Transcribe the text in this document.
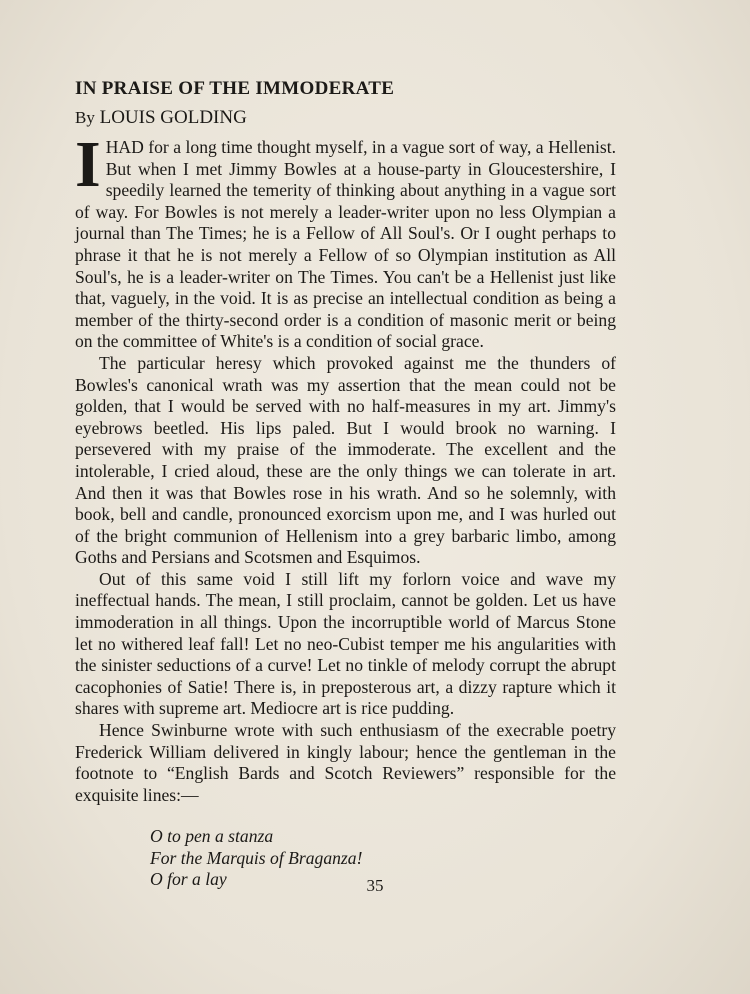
IN PRAISE OF THE IMMODERATE
By LOUIS GOLDING

I HAD for a long time thought myself, in a vague sort of way, a Hellenist. But when I met Jimmy Bowles at a house-party in Gloucestershire, I speedily learned the temerity of thinking about anything in a vague sort of way. For Bowles is not merely a leader-writer upon no less Olympian a journal than The Times; he is a Fellow of All Soul's. Or I ought perhaps to phrase it that he is not merely a Fellow of so Olympian institution as All Soul's, he is a leader-writer on The Times. You can't be a Hellenist just like that, vaguely, in the void. It is as precise an intellectual condition as being a member of the thirty-second order is a condition of masonic merit or being on the committee of White's is a condition of social grace.

The particular heresy which provoked against me the thunders of Bowles's canonical wrath was my assertion that the mean could not be golden, that I would be served with no half-measures in my art. Jimmy's eyebrows beetled. His lips paled. But I would brook no warning. I persevered with my praise of the immoderate. The excellent and the intolerable, I cried aloud, these are the only things we can tolerate in art. And then it was that Bowles rose in his wrath. And so he solemnly, with book, bell and candle, pronounced exorcism upon me, and I was hurled out of the bright communion of Hellenism into a grey barbaric limbo, among Goths and Persians and Scotsmen and Esquimos.

Out of this same void I still lift my forlorn voice and wave my ineffectual hands. The mean, I still proclaim, cannot be golden. Let us have immoderation in all things. Upon the incorruptible world of Marcus Stone let no withered leaf fall! Let no neo-Cubist temper me his angularities with the sinister seductions of a curve! Let no tinkle of melody corrupt the abrupt cacophonies of Satie! There is, in preposterous art, a dizzy rapture which it shares with supreme art. Mediocre art is rice pudding.

Hence Swinburne wrote with such enthusiasm of the execrable poetry Frederick William delivered in kingly labour; hence the gentleman in the footnote to “English Bards and Scotch Reviewers” responsible for the exquisite lines:—

O to pen a stanza
For the Marquis of Braganza!
O for a lay	35
